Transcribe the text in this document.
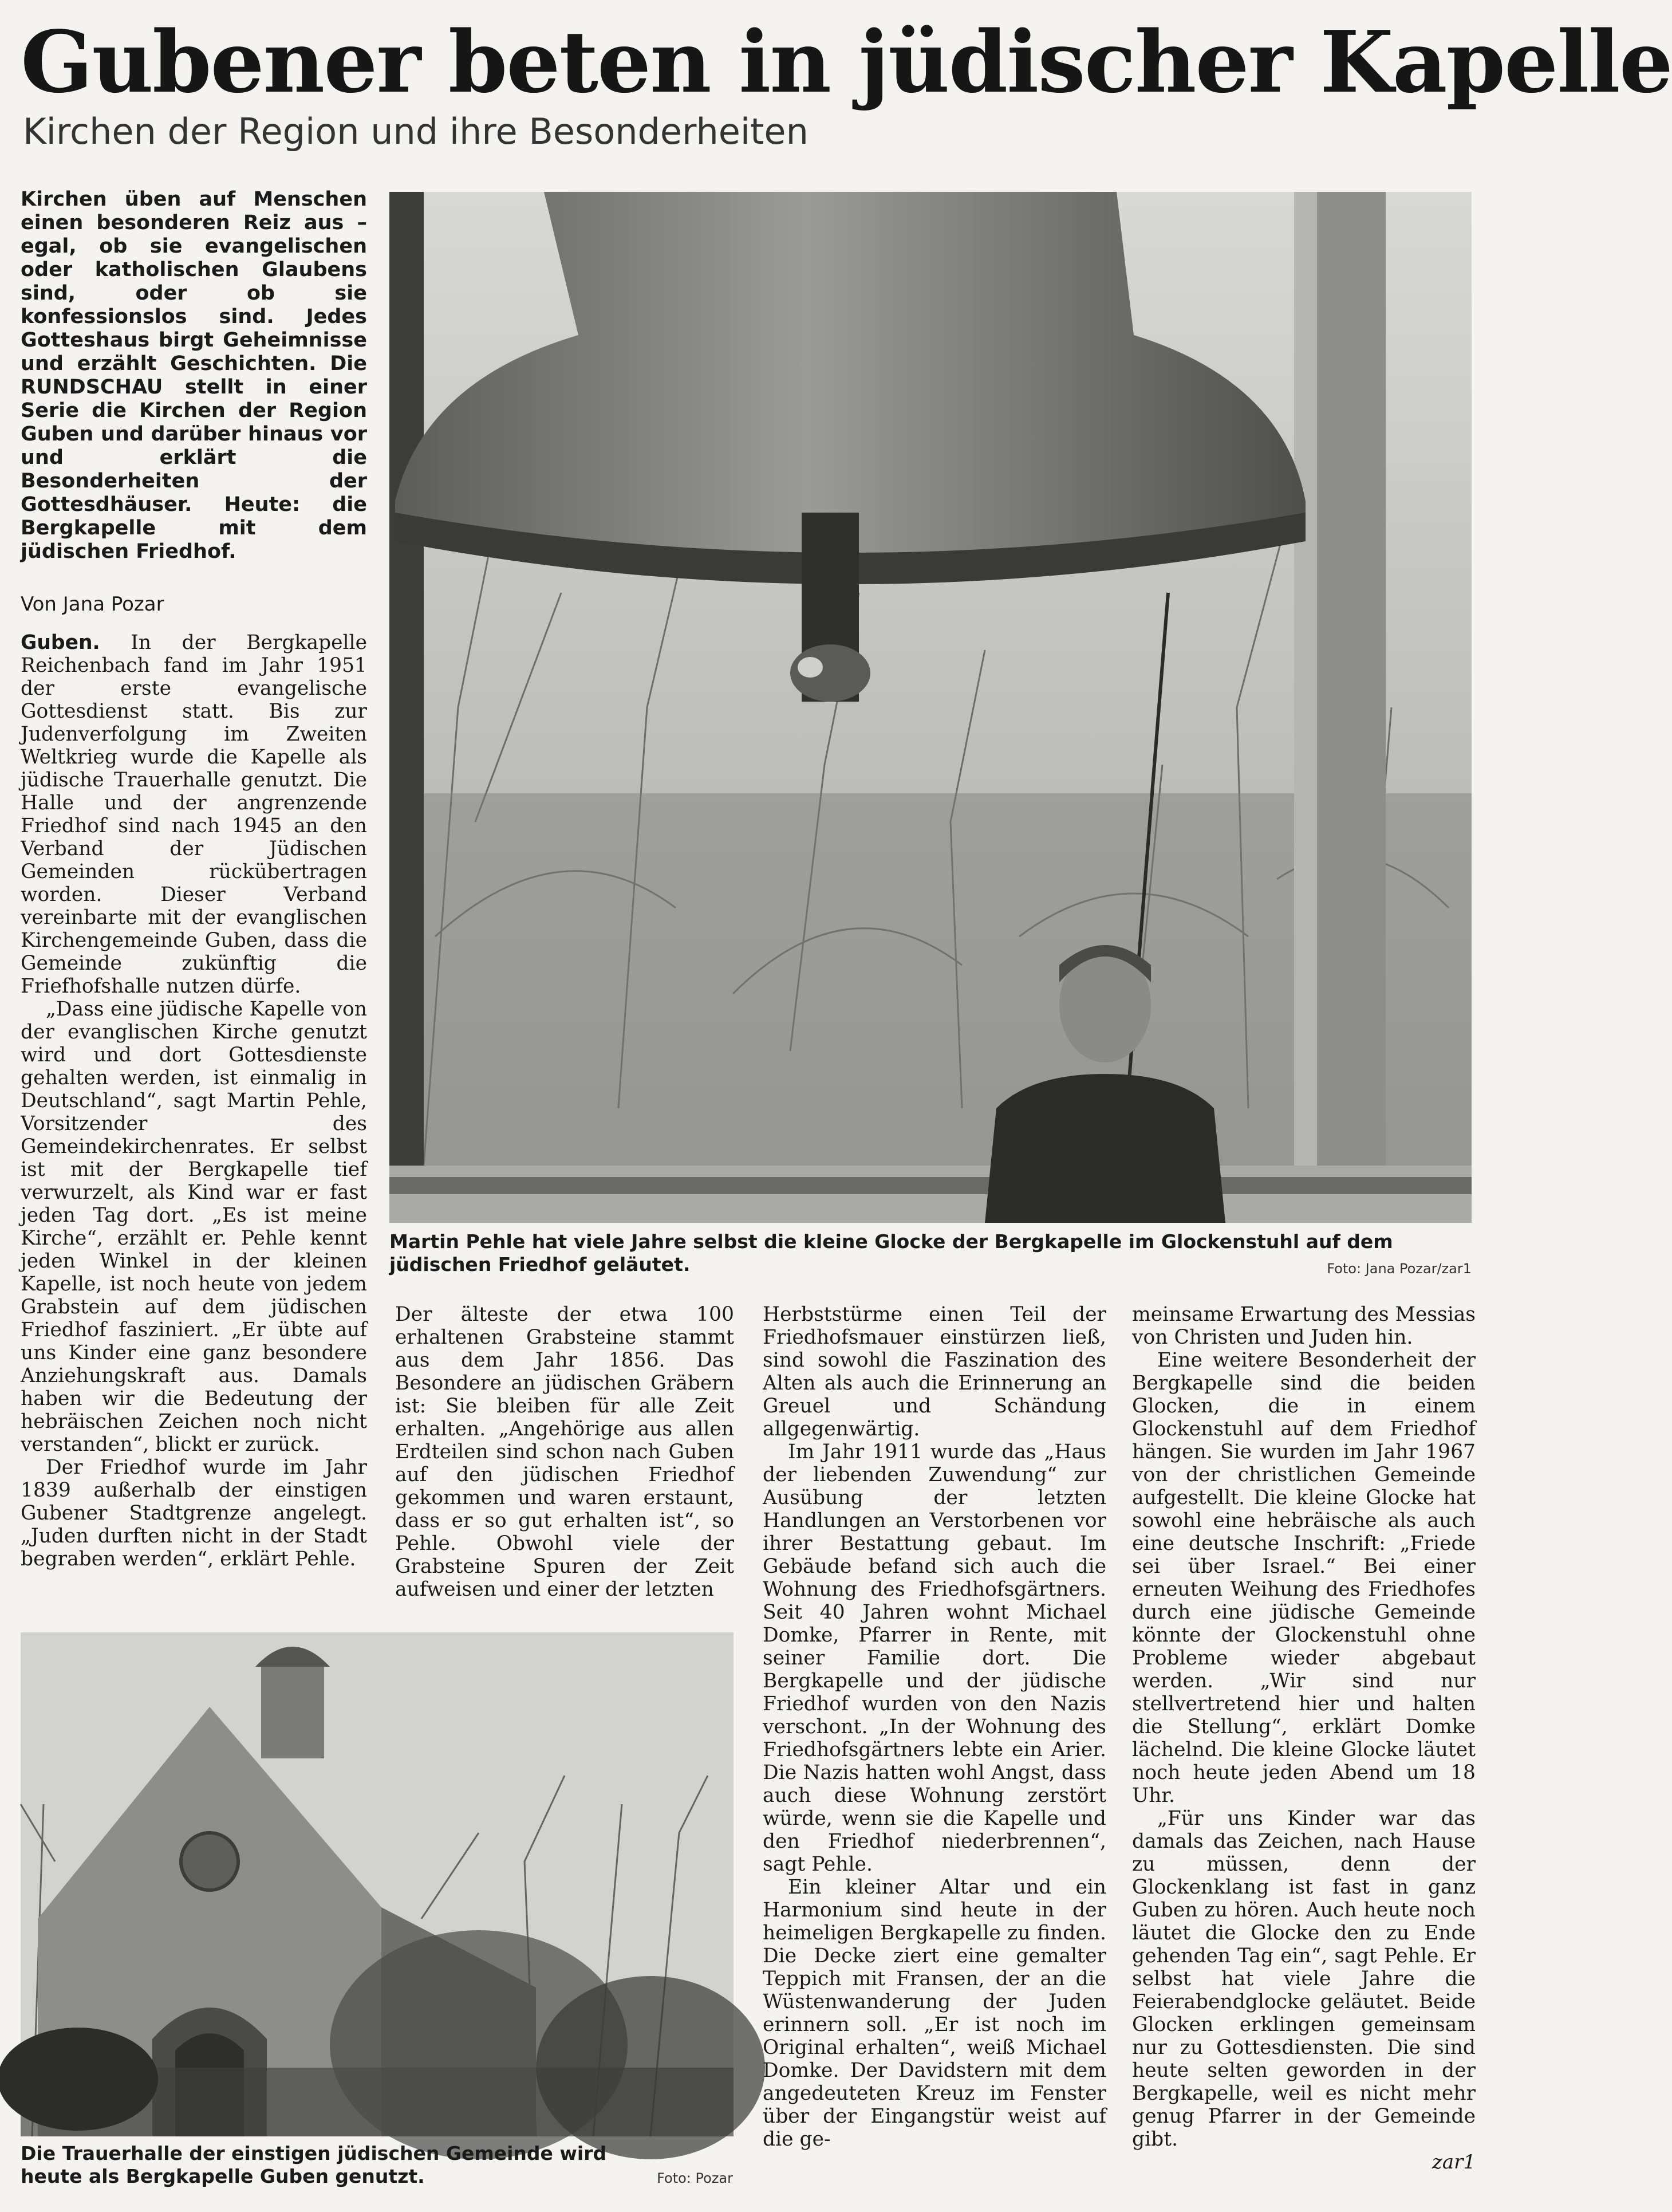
Gubener beten in jüdischer Kapelle
Kirchen der Region und ihre Besonderheiten

Kirchen üben auf Menschen einen besonderen Reiz aus – egal, ob sie evangelischen oder katholischen Glaubens sind, oder ob sie konfessionslos sind. Jedes Gotteshaus birgt Geheimnisse und erzählt Geschichten. Die RUNDSCHAU stellt in einer Serie die Kirchen der Region Guben und darüber hinaus vor und erklärt die Besonderheiten der Gottesdhäuser. Heute: die Bergkapelle mit dem jüdischen Friedhof.

Von Jana Pozar

Guben. In der Bergkapelle Reichenbach fand im Jahr 1951 der erste evangelische Gottesdienst statt. Bis zur Judenverfolgung im Zweiten Weltkrieg wurde die Kapelle als jüdische Trauerhalle genutzt. Die Halle und der angrenzende Friedhof sind nach 1945 an den Verband der Jüdischen Gemeinden rückübertragen worden. Dieser Verband vereinbarte mit der evanglischen Kirchengemeinde Guben, dass die Gemeinde zukünftig die Friefhofshalle nutzen dürfe.

„Dass eine jüdische Kapelle von der evanglischen Kirche genutzt wird und dort Gottesdienste gehalten werden, ist einmalig in Deutschland“, sagt Martin Pehle, Vorsitzender des Gemeindekirchenrates. Er selbst ist mit der Bergkapelle tief verwurzelt, als Kind war er fast jeden Tag dort. „Es ist meine Kirche“, erzählt er. Pehle kennt jeden Winkel in der kleinen Kapelle, ist noch heute von jedem Grabstein auf dem jüdischen Friedhof fasziniert. „Er übte auf uns Kinder eine ganz besondere Anziehungskraft aus. Damals haben wir die Bedeutung der hebräischen Zeichen noch nicht verstanden“, blickt er zurück.

Der Friedhof wurde im Jahr 1839 außerhalb der einstigen Gubener Stadtgrenze angelegt. „Juden durften nicht in der Stadt begraben werden“, erklärt Pehle.

Martin Pehle hat viele Jahre selbst die kleine Glocke der Bergkapelle im Glockenstuhl auf dem jüdischen Friedhof geläutet.	Foto: Jana Pozar/zar1
Die Trauerhalle der einstigen jüdischen Gemeinde wird heute als Bergkapelle Guben genutzt.	Foto: Pozar

Der älteste der etwa 100 erhaltenen Grabsteine stammt aus dem Jahr 1856. Das Besondere an jüdischen Gräbern ist: Sie bleiben für alle Zeit erhalten. „Angehörige aus allen Erdteilen sind schon nach Guben auf den jüdischen Friedhof gekommen und waren erstaunt, dass er so gut erhalten ist“, so Pehle. Obwohl viele der Grabsteine Spuren der Zeit aufweisen und einer der letzten

Herbststürme einen Teil der Friedhofsmauer einstürzen ließ, sind sowohl die Faszination des Alten als auch die Erinnerung an Greuel und Schändung allgegenwärtig.

Im Jahr 1911 wurde das „Haus der liebenden Zuwendung“ zur Ausübung der letzten Handlungen an Verstorbenen vor ihrer Bestattung gebaut. Im Gebäude befand sich auch die Wohnung des Friedhofsgärtners. Seit 40 Jahren wohnt Michael Domke, Pfarrer in Rente, mit seiner Familie dort. Die Bergkapelle und der jüdische Friedhof wurden von den Nazis verschont. „In der Wohnung des Friedhofsgärtners lebte ein Arier. Die Nazis hatten wohl Angst, dass auch diese Wohnung zerstört würde, wenn sie die Kapelle und den Friedhof niederbrennen“, sagt Pehle.

Ein kleiner Altar und ein Harmonium sind heute in der heimeligen Bergkapelle zu finden. Die Decke ziert eine gemalter Teppich mit Fransen, der an die Wüstenwanderung der Juden erinnern soll. „Er ist noch im Original erhalten“, weiß Michael Domke. Der Davidstern mit dem angedeuteten Kreuz im Fenster über der Eingangstür weist auf die ge-

meinsame Erwartung des Messias von Christen und Juden hin.

Eine weitere Besonderheit der Bergkapelle sind die beiden Glocken, die in einem Glockenstuhl auf dem Friedhof hängen. Sie wurden im Jahr 1967 von der christlichen Gemeinde aufgestellt. Die kleine Glocke hat sowohl eine hebräische als auch eine deutsche Inschrift: „Friede sei über Israel.“ Bei einer erneuten Weihung des Friedhofes durch eine jüdische Gemeinde könnte der Glockenstuhl ohne Probleme wieder abgebaut werden. „Wir sind nur stellvertretend hier und halten die Stellung“, erklärt Domke lächelnd. Die kleine Glocke läutet noch heute jeden Abend um 18 Uhr.

„Für uns Kinder war das damals das Zeichen, nach Hause zu müssen, denn der Glockenklang ist fast in ganz Guben zu hören. Auch heute noch läutet die Glocke den zu Ende gehenden Tag ein“, sagt Pehle. Er selbst hat viele Jahre die Feierabendglocke geläutet. Beide Glocken erklingen gemeinsam nur zu Gottesdiensten. Die sind heute selten geworden in der Bergkapelle, weil es nicht mehr genug Pfarrer in der Gemeinde gibt.

zar1
